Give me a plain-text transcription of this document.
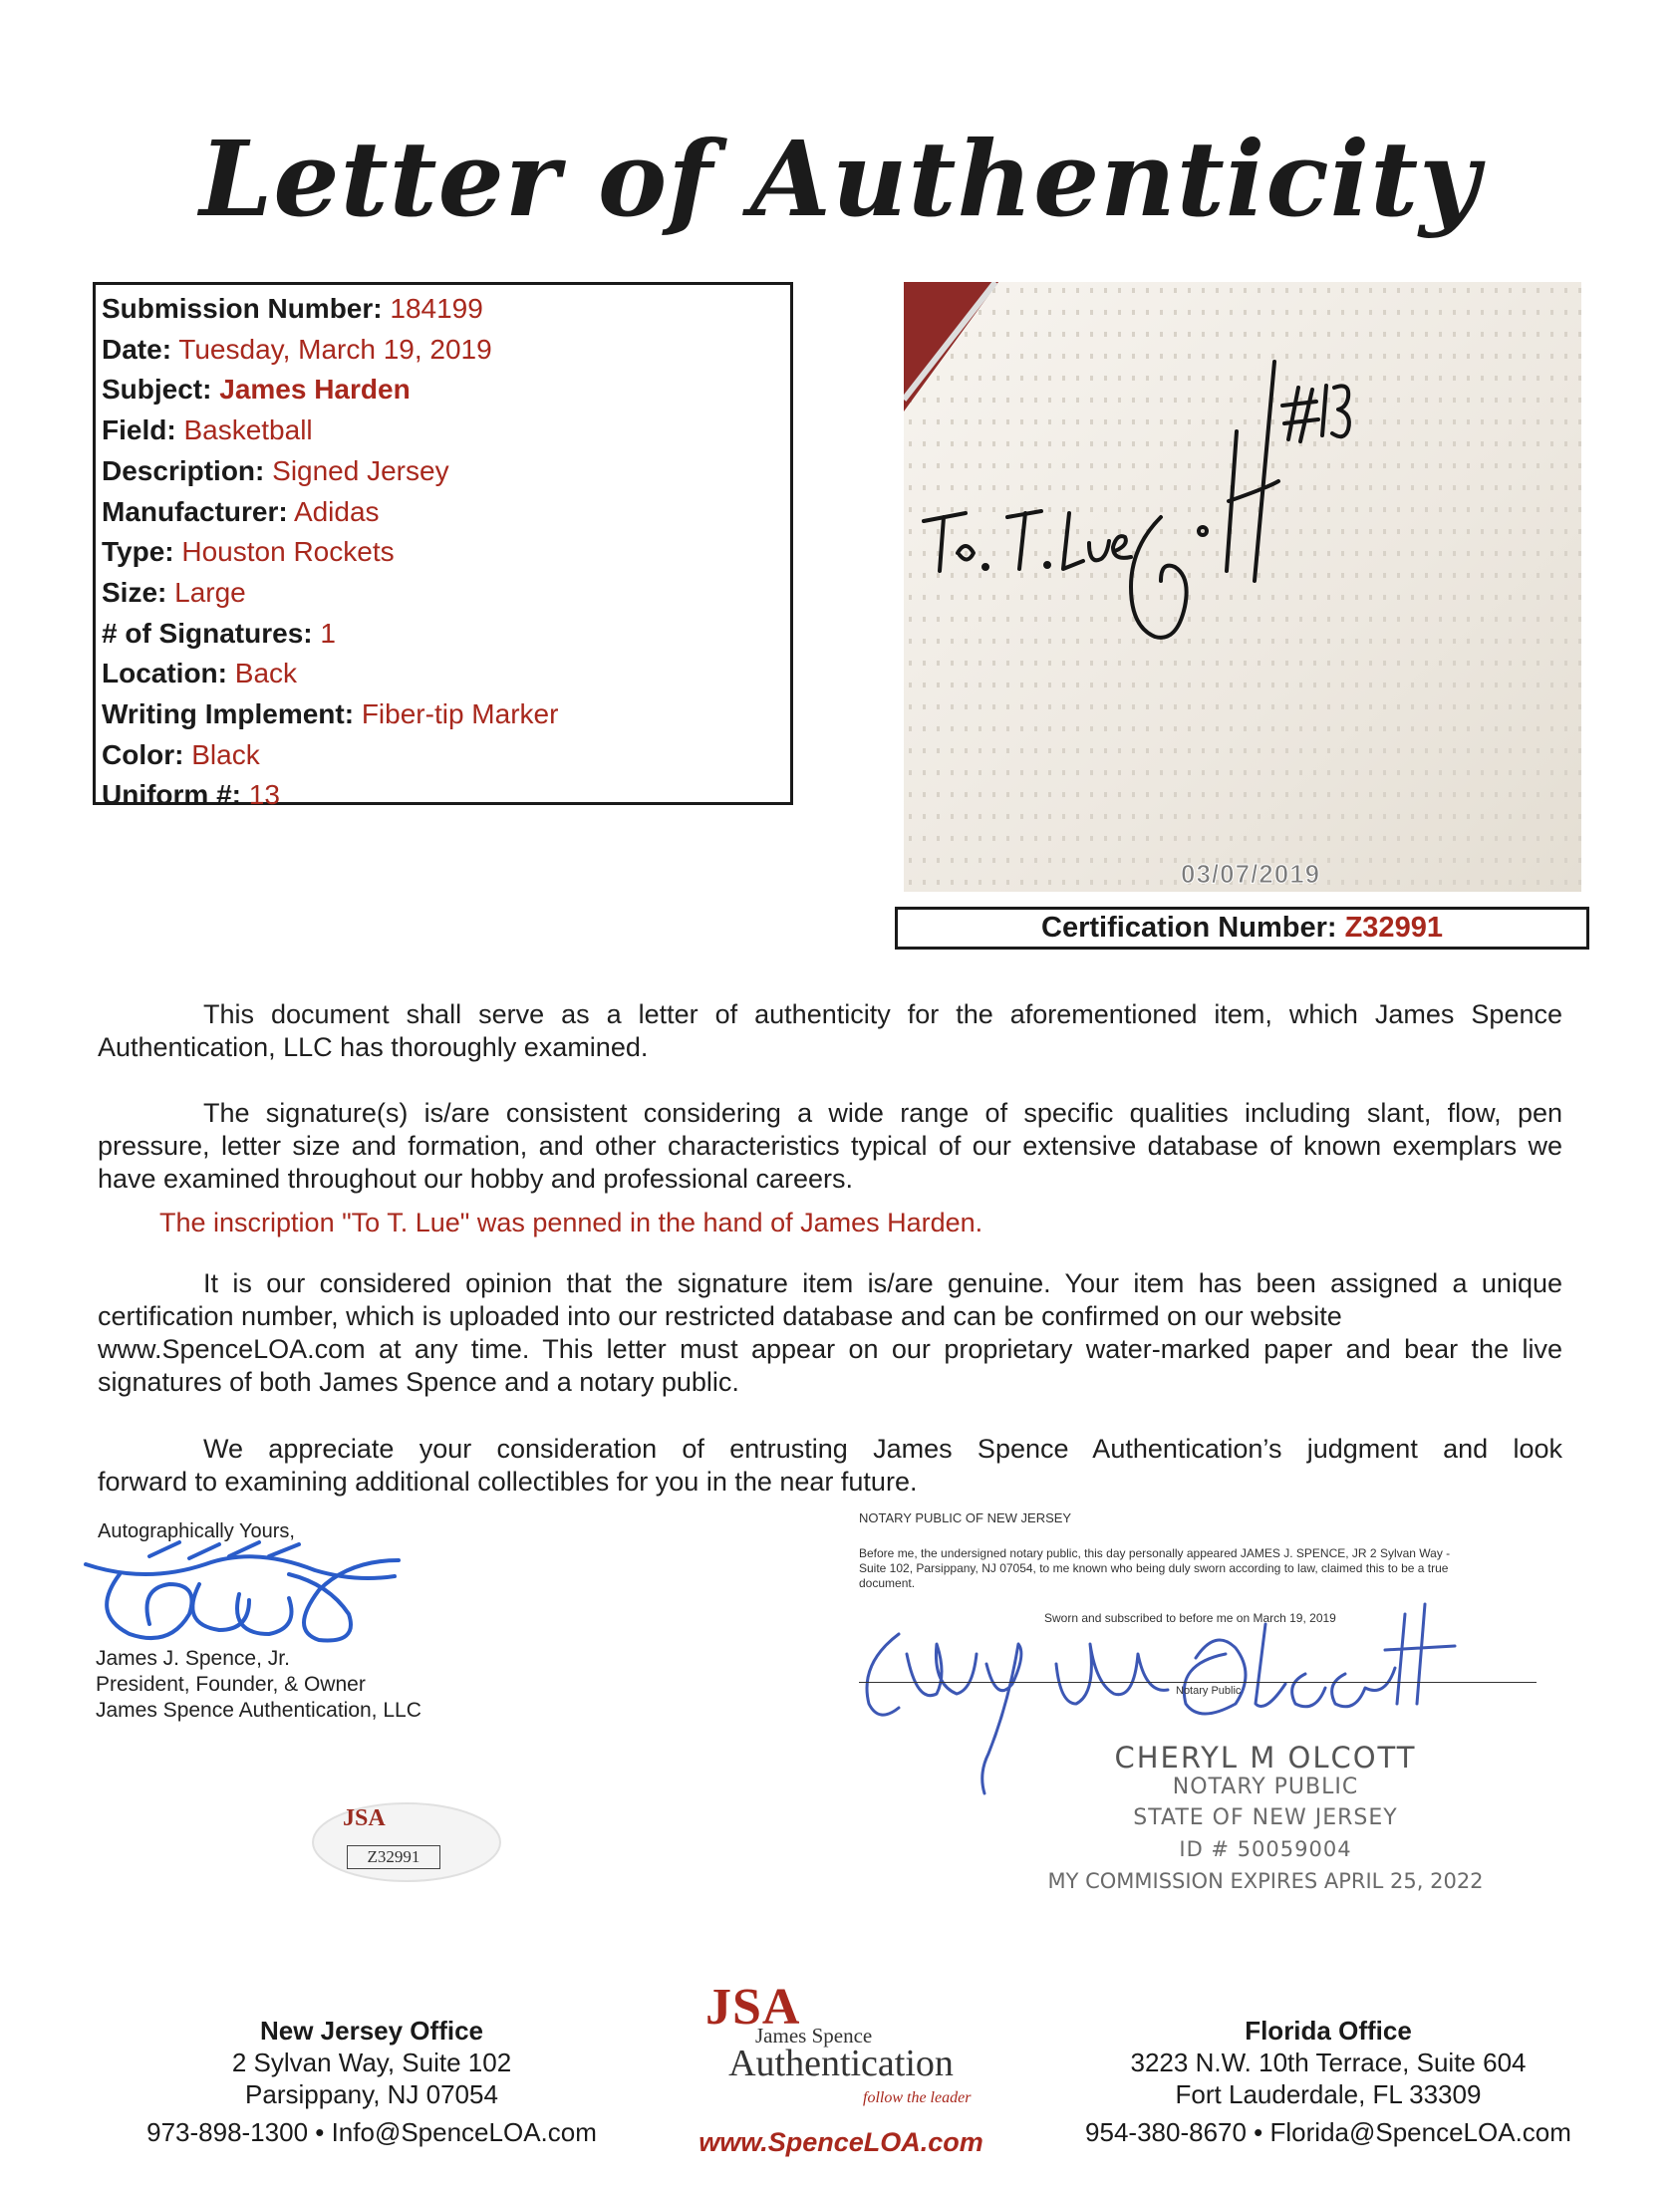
Letter of Authenticity
Submission Number: 184199
Date: Tuesday, March 19, 2019
Subject: James Harden
Field: Basketball
Description: Signed Jersey
Manufacturer: Adidas
Type: Houston Rockets
Size: Large
# of Signatures: 1
Location: Back
Writing Implement: Fiber-tip Marker
Color: Black
Uniform #: 13
03/07/2019
Certification Number: Z32991
This document shall serve as a letter of authenticity for the aforementioned item, which James Spence
Authentication, LLC has thoroughly examined.
The signature(s) is/are consistent considering a wide range of specific qualities including slant, flow, pen
pressure, letter size and formation, and other characteristics typical of our extensive database of known exemplars we
have examined throughout our hobby and professional careers.
The inscription "To T. Lue" was penned in the hand of James Harden.
It is our considered opinion that the signature item is/are genuine. Your item has been assigned a unique
certification number, which is uploaded into our restricted database and can be confirmed on our website
www.SpenceLOA.com at any time. This letter must appear on our proprietary water-marked paper and bear the live
signatures of both James Spence and a notary public.
We appreciate your consideration of entrusting James Spence Authentication’s judgment and look
forward to examining additional collectibles for you in the near future.
Autographically Yours,
James J. Spence, Jr.
President, Founder, & Owner
James Spence Authentication, LLC
JSA
Z32991
NOTARY PUBLIC OF NEW JERSEY
Before me, the undersigned notary public, this day personally appeared JAMES J. SPENCE, JR 2 Sylvan Way -
Suite 102, Parsippany, NJ 07054, to me known who being duly sworn according to law, claimed this to be a true
document.
Sworn and subscribed to before me on March 19, 2019
Notary Public
CHERYL M OLCOTT
NOTARY PUBLIC
STATE OF NEW JERSEY
ID # 50059004
MY COMMISSION EXPIRES APRIL 25, 2022
New Jersey Office
2 Sylvan Way, Suite 102
Parsippany, NJ 07054
973-898-1300 • Info@SpenceLOA.com
JSA
James Spence
Authentication
follow the leader
www.SpenceLOA.com
Florida Office
3223 N.W. 10th Terrace, Suite 604
Fort Lauderdale, FL 33309
954-380-8670 • Florida@SpenceLOA.com
